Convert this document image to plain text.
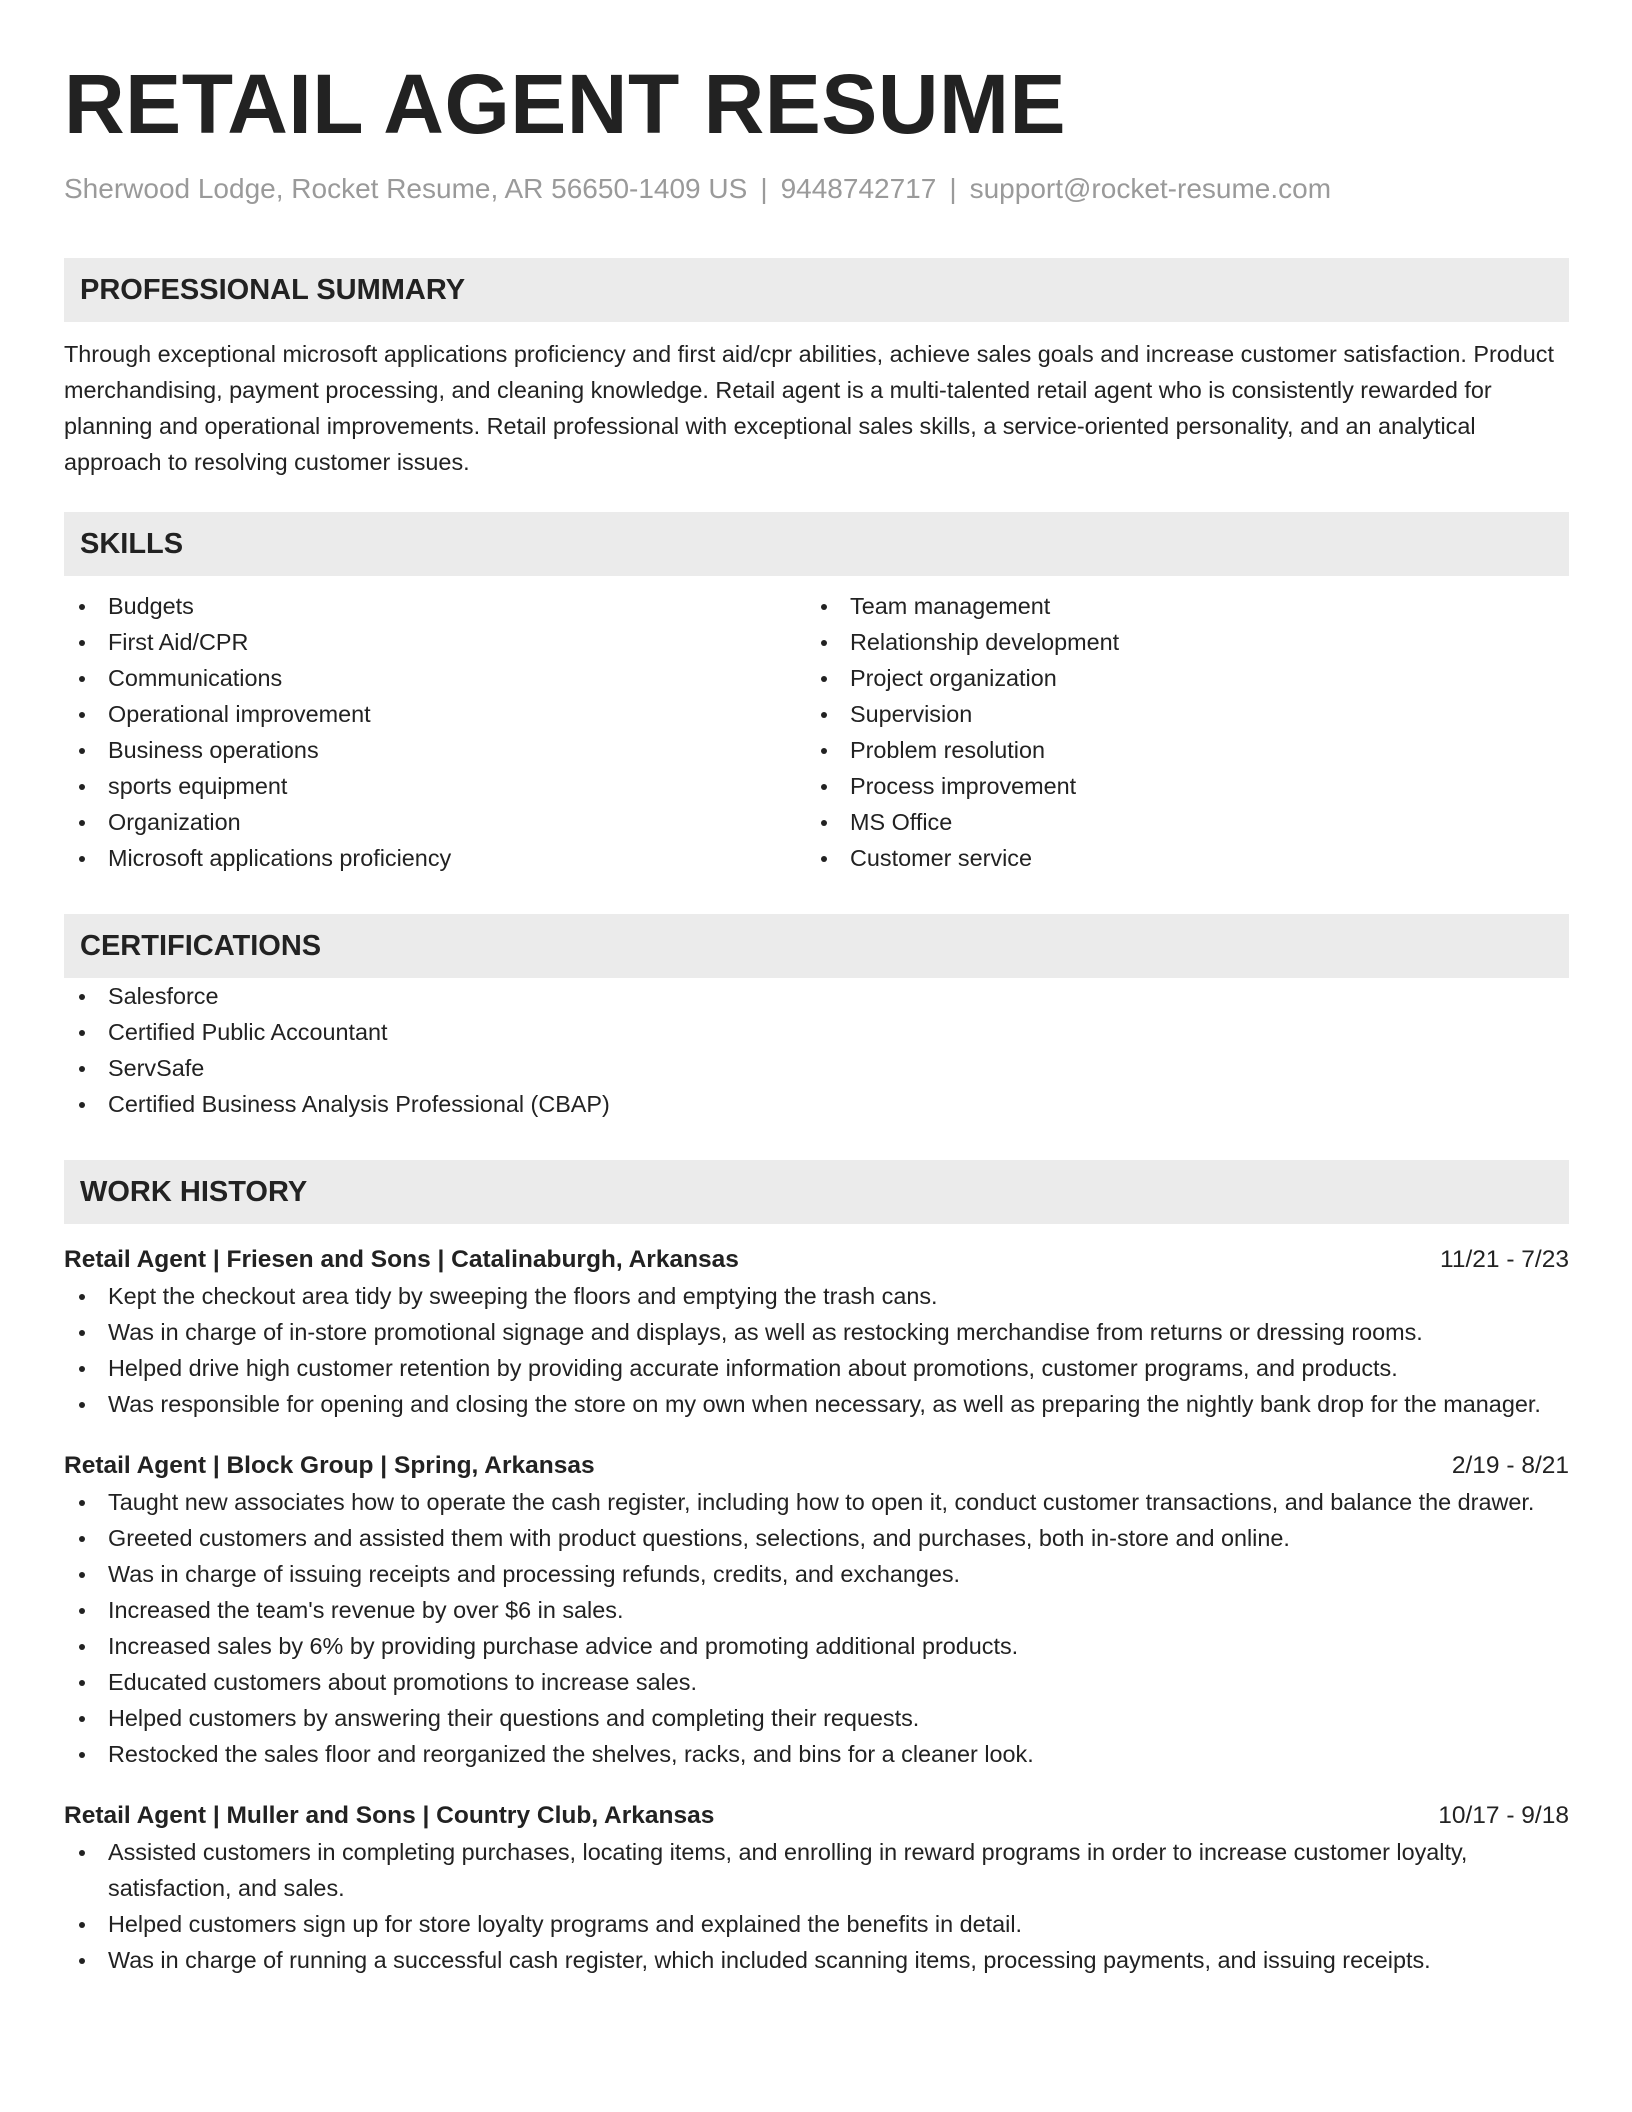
RETAIL AGENT RESUME
Sherwood Lodge, Rocket Resume, AR 56650-1409 US | 9448742717 | support@rocket-resume.com
PROFESSIONAL SUMMARY

Through exceptional microsoft applications proficiency and first aid/cpr abilities, achieve sales goals and increase customer satisfaction. Product merchandising, payment processing, and cleaning knowledge. Retail agent is a multi-talented retail agent who is consistently rewarded for planning and operational improvements. Retail professional with exceptional sales skills, a service-oriented personality, and an analytical approach to resolving customer issues.

SKILLS
Budgets
First Aid/CPR
Communications
Operational improvement
Business operations
sports equipment
Organization
Microsoft applications proficiency
Team management
Relationship development
Project organization
Supervision
Problem resolution
Process improvement
MS Office
Customer service
CERTIFICATIONS
Salesforce
Certified Public Accountant
ServSafe
Certified Business Analysis Professional (CBAP)
WORK HISTORY
Retail Agent | Friesen and Sons | Catalinaburgh, Arkansas	11/21 - 7/23
Kept the checkout area tidy by sweeping the floors and emptying the trash cans.
Was in charge of in-store promotional signage and displays, as well as restocking merchandise from returns or dressing rooms.
Helped drive high customer retention by providing accurate information about promotions, customer programs, and products.
Was responsible for opening and closing the store on my own when necessary, as well as preparing the nightly bank drop for the manager.
Retail Agent | Block Group | Spring, Arkansas	2/19 - 8/21
Taught new associates how to operate the cash register, including how to open it, conduct customer transactions, and balance the drawer.
Greeted customers and assisted them with product questions, selections, and purchases, both in-store and online.
Was in charge of issuing receipts and processing refunds, credits, and exchanges.
Increased the team's revenue by over $6 in sales.
Increased sales by 6% by providing purchase advice and promoting additional products.
Educated customers about promotions to increase sales.
Helped customers by answering their questions and completing their requests.
Restocked the sales floor and reorganized the shelves, racks, and bins for a cleaner look.
Retail Agent | Muller and Sons | Country Club, Arkansas	10/17 - 9/18
Assisted customers in completing purchases, locating items, and enrolling in reward programs in order to increase customer loyalty, satisfaction, and sales.
Helped customers sign up for store loyalty programs and explained the benefits in detail.
Was in charge of running a successful cash register, which included scanning items, processing payments, and issuing receipts.
